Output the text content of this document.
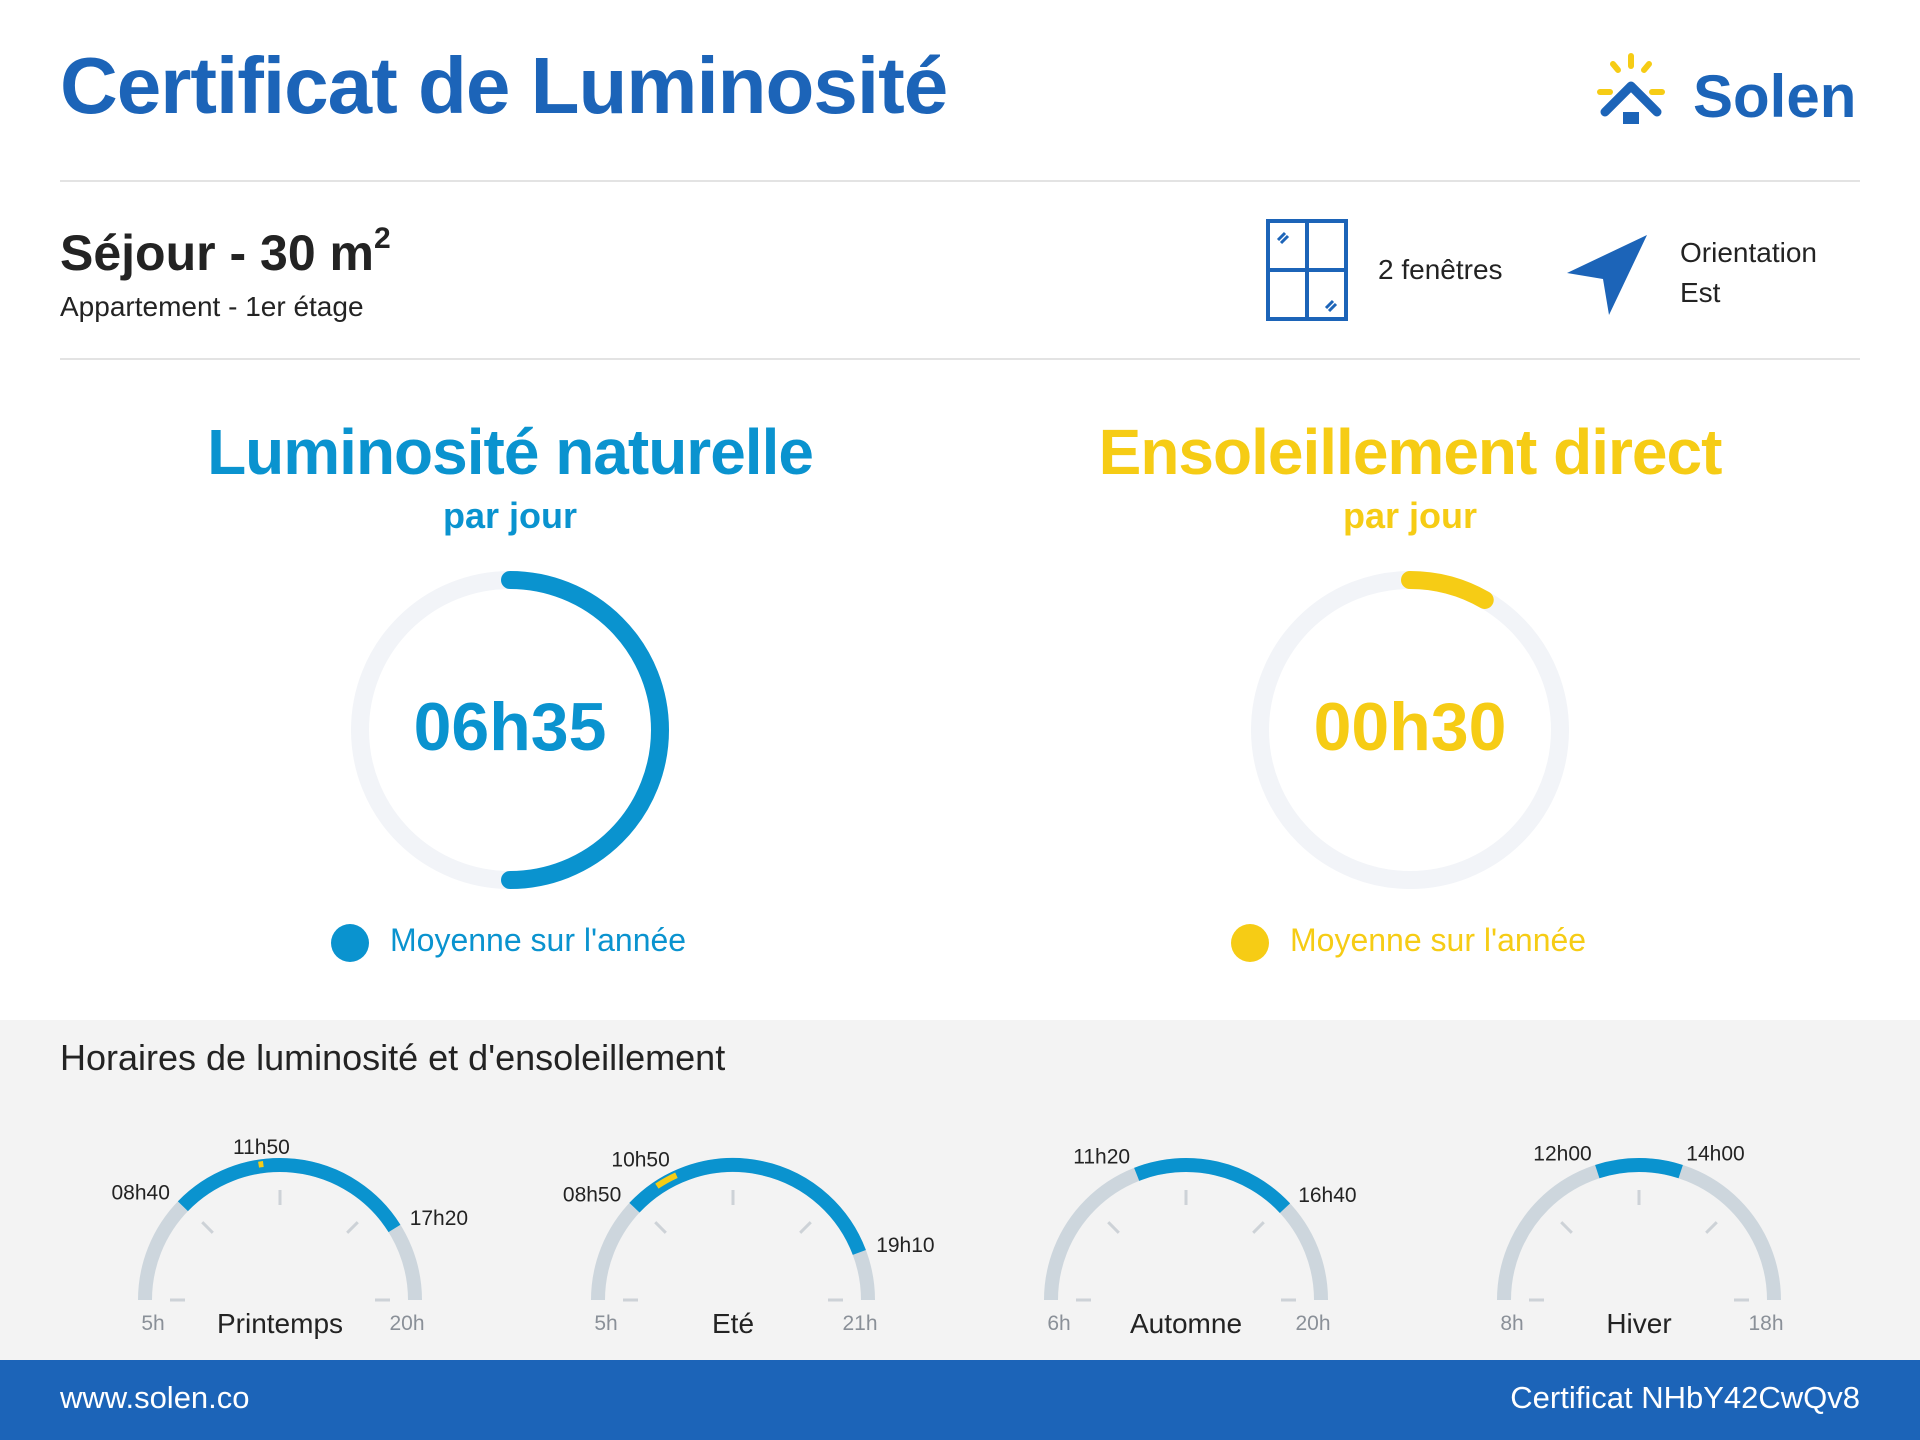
Certificat de Luminosité	Solen
Séjour - 30 $m^2$
Appartement - 1er étage
2 fenêtres
Orientation
Est
Luminosité naturelle
par jour
06h35
Moyenne sur l'année
Ensoleillement direct
par jour
00h30
Moyenne sur l'année
Horaires de luminosité et d'ensoleillement
08h40
17h20
11h50
5h	20h
Printemps
08h50
19h10
10h50
5h	21h
Eté
11h20
16h40
6h	20h
Automne
12h00	14h00
8h	18h
Hiver
www.solen.co	Certificat NHbY42CwQv8
